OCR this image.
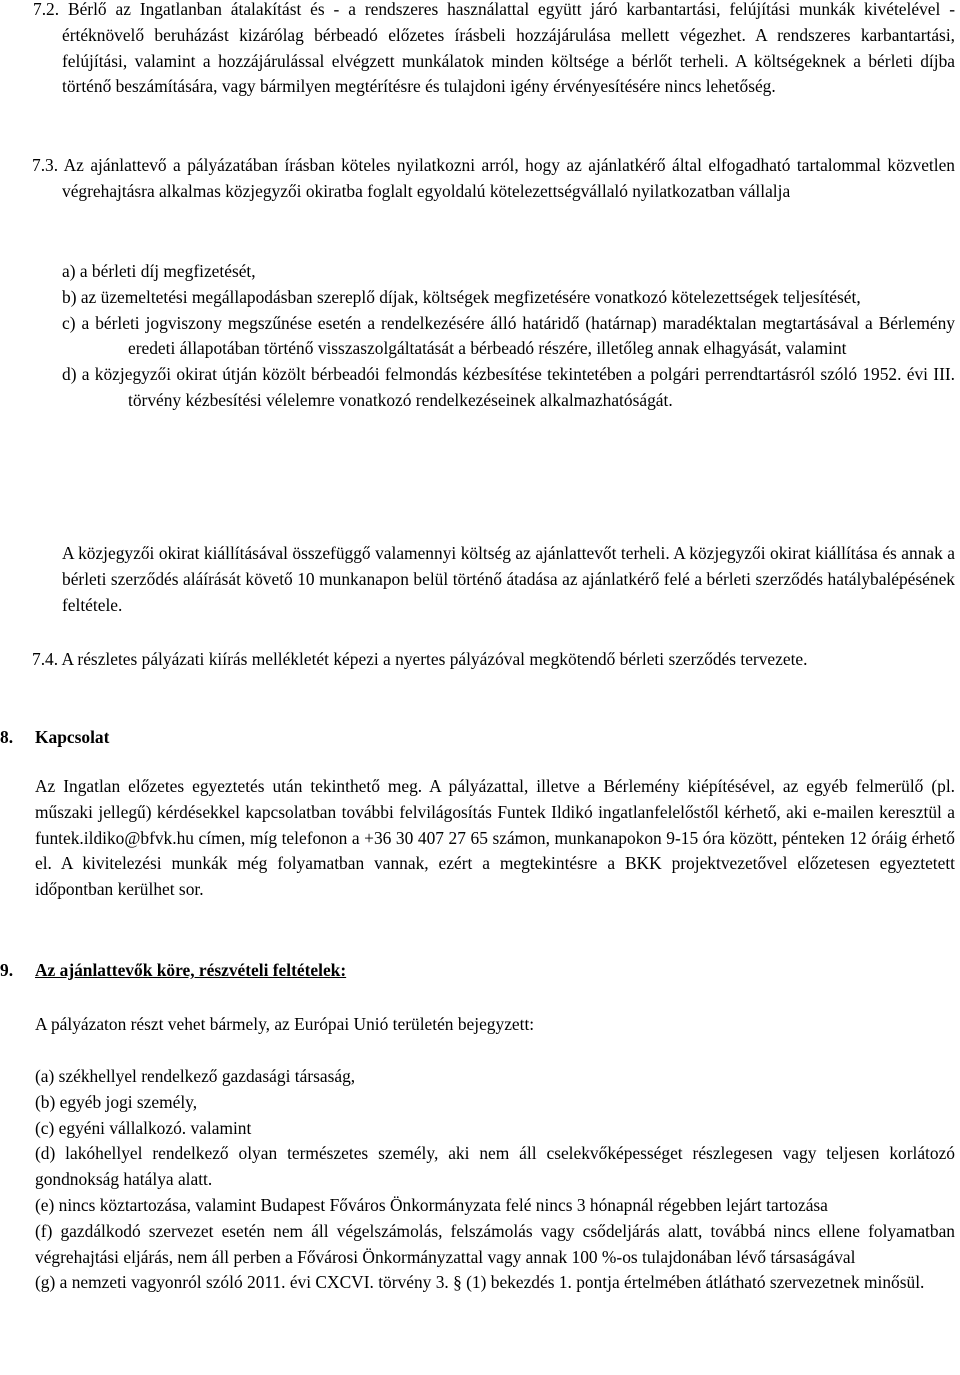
7.2. Bérlő az Ingatlanban átalakítást és - a rendszeres használattal együtt járó karbantartási, felújítási munkák kivételével - értéknövelő beruházást kizárólag bérbeadó előzetes írásbeli hozzájárulása mellett végezhet. A rendszeres karbantartási, felújítási, valamint a hozzájárulással elvégzett munkálatok minden költsége a bérlőt terheli. A költségeknek a bérleti díjba történő beszámítására, vagy bármilyen megtérítésre és tulajdoni igény érvényesítésére nincs lehetőség.

7.3. Az ajánlattevő a pályázatában írásban köteles nyilatkozni arról, hogy az ajánlatkérő által elfogadható tartalommal közvetlen végrehajtásra alkalmas közjegyzői okiratba foglalt egyoldalú kötelezettségvállaló nyilatkozatban vállalja

a) a bérleti díj megfizetését,

b) az üzemeltetési megállapodásban szereplő díjak, költségek megfizetésére vonatkozó kötelezettségek teljesítését,

c) a bérleti jogviszony megszűnése esetén a rendelkezésére álló határidő (határnap) maradéktalan megtartásával a Bérlemény eredeti állapotában történő visszaszolgáltatását a bérbeadó részére, illetőleg annak elhagyását, valamint

d) a közjegyzői okirat útján közölt bérbeadói felmondás kézbesítése tekintetében a polgári perrendtartásról szóló 1952. évi III. törvény kézbesítési vélelemre vonatkozó rendelkezéseinek alkalmazhatóságát.

A közjegyzői okirat kiállításával összefüggő valamennyi költség az ajánlattevőt terheli. A közjegyzői okirat kiállítása és annak a bérleti szerződés aláírását követő 10 munkanapon belül történő átadása az ajánlatkérő felé a bérleti szerződés hatálybalépésének feltétele.

7.4. A részletes pályázati kiírás mellékletét képezi a nyertes pályázóval megkötendő bérleti szerződés tervezete.

8. Kapcsolat

Az Ingatlan előzetes egyeztetés után tekinthető meg. A pályázattal, illetve a Bérlemény kiépítésével, az egyéb felmerülő (pl. műszaki jellegű) kérdésekkel kapcsolatban további felvilágosítás Funtek Ildikó ingatlanfelelőstől kérhető, aki e-mailen keresztül a funtek.ildiko@bfvk.hu címen, míg telefonon a +36 30 407 27 65 számon, munkanapokon 9-15 óra között, pénteken 12 óráig érhető el. A kivitelezési munkák még folyamatban vannak, ezért a megtekintésre a BKK projektvezetővel előzetesen egyeztetett időpontban kerülhet sor.

9. Az ajánlattevők köre, részvételi feltételek:

A pályázaton részt vehet bármely, az Európai Unió területén bejegyzett:

(a) székhellyel rendelkező gazdasági társaság,

(b) egyéb jogi személy,

(c) egyéni vállalkozó. valamint

(d) lakóhellyel rendelkező olyan természetes személy, aki nem áll cselekvőképességet részlegesen vagy teljesen korlátozó gondnokság hatálya alatt.

(e) nincs köztartozása, valamint Budapest Főváros Önkormányzata felé nincs 3 hónapnál régebben lejárt tartozása

(f) gazdálkodó szervezet esetén nem áll végelszámolás, felszámolás vagy csődeljárás alatt, továbbá nincs ellene folyamatban végrehajtási eljárás, nem áll perben a Fővárosi Önkormányzattal vagy annak 100 %-os tulajdonában lévő társaságával

(g) a nemzeti vagyonról szóló 2011. évi CXCVI. törvény 3. § (1) bekezdés 1. pontja értelmében átlátható szervezetnek minősül.
